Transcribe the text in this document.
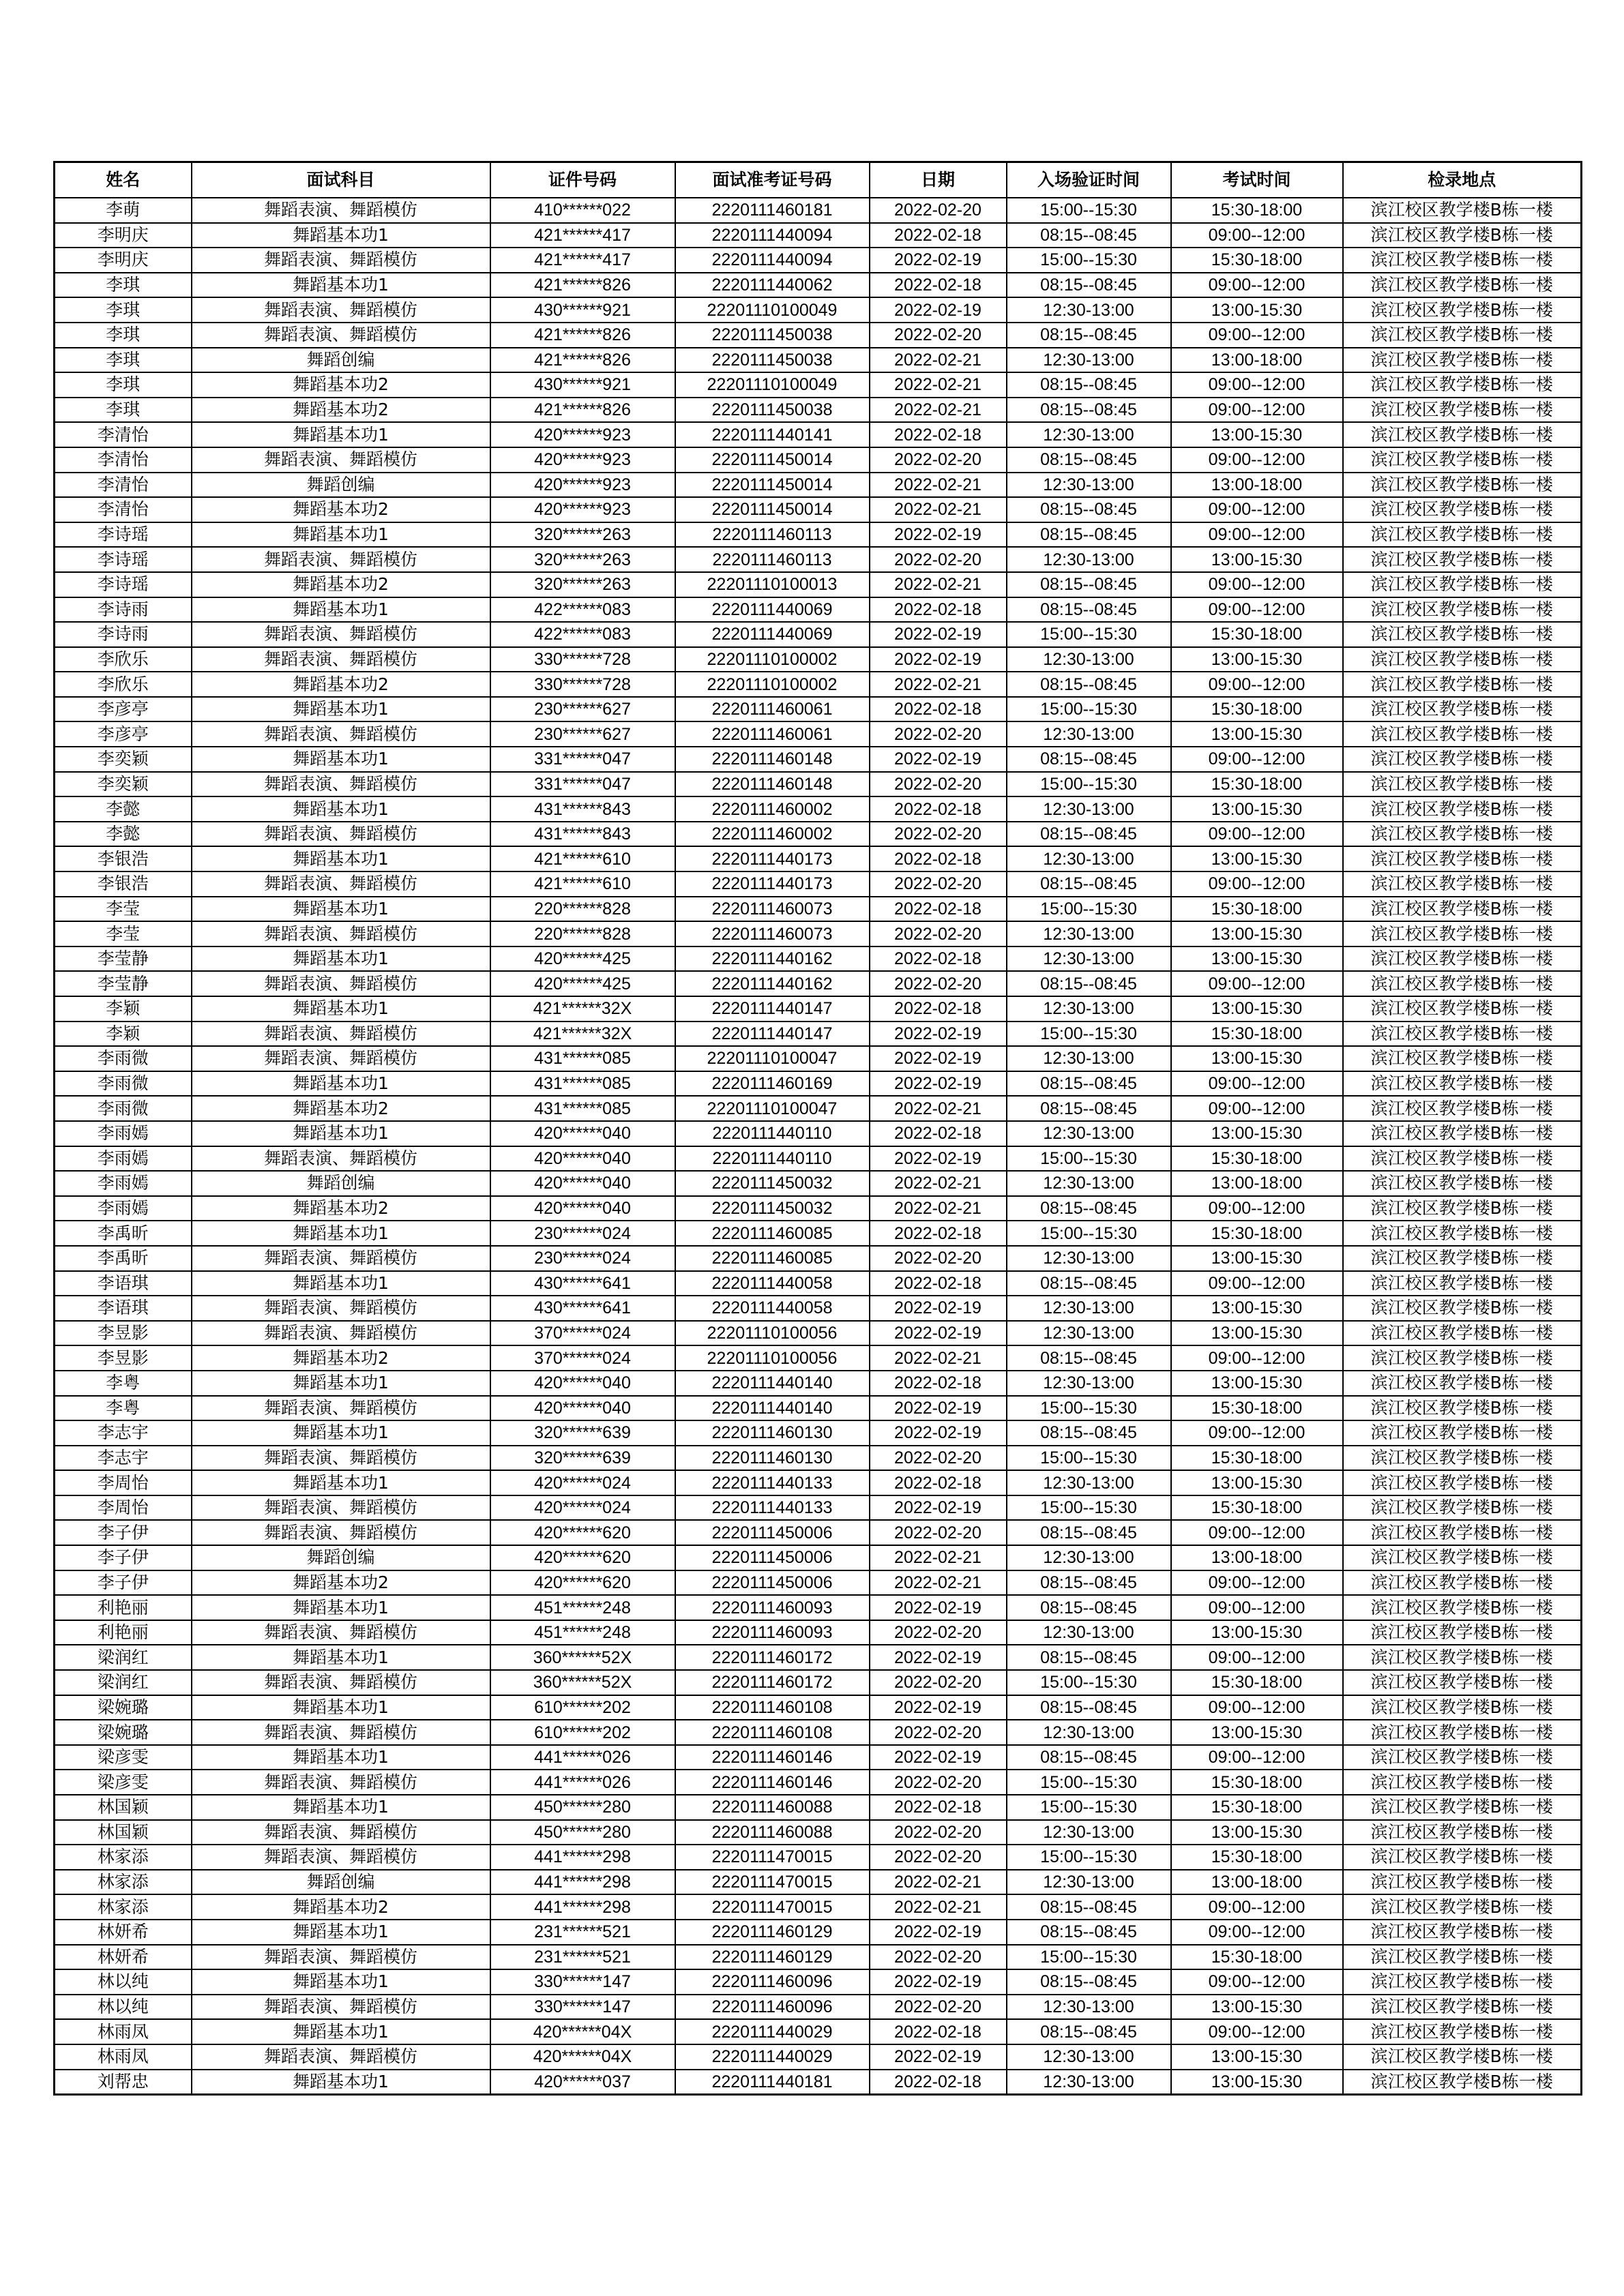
姓名	面试科目	证件号码	面试准考证号码	日期	入场验证时间	考试时间	检录地点
李萌	舞蹈表演、舞蹈模仿	410******022	2220111460181	2022-02-20	15:00--15:30	15:30-18:00	滨江校区教学楼B栋一楼
李明庆	舞蹈基本功1	421******417	2220111440094	2022-02-18	08:15--08:45	09:00--12:00	滨江校区教学楼B栋一楼
李明庆	舞蹈表演、舞蹈模仿	421******417	2220111440094	2022-02-19	15:00--15:30	15:30-18:00	滨江校区教学楼B栋一楼
李琪	舞蹈基本功1	421******826	2220111440062	2022-02-18	08:15--08:45	09:00--12:00	滨江校区教学楼B栋一楼
李琪	舞蹈表演、舞蹈模仿	430******921	22201110100049	2022-02-19	12:30-13:00	13:00-15:30	滨江校区教学楼B栋一楼
李琪	舞蹈表演、舞蹈模仿	421******826	2220111450038	2022-02-20	08:15--08:45	09:00--12:00	滨江校区教学楼B栋一楼
李琪	舞蹈创编	421******826	2220111450038	2022-02-21	12:30-13:00	13:00-18:00	滨江校区教学楼B栋一楼
李琪	舞蹈基本功2	430******921	22201110100049	2022-02-21	08:15--08:45	09:00--12:00	滨江校区教学楼B栋一楼
李琪	舞蹈基本功2	421******826	2220111450038	2022-02-21	08:15--08:45	09:00--12:00	滨江校区教学楼B栋一楼
李清怡	舞蹈基本功1	420******923	2220111440141	2022-02-18	12:30-13:00	13:00-15:30	滨江校区教学楼B栋一楼
李清怡	舞蹈表演、舞蹈模仿	420******923	2220111450014	2022-02-20	08:15--08:45	09:00--12:00	滨江校区教学楼B栋一楼
李清怡	舞蹈创编	420******923	2220111450014	2022-02-21	12:30-13:00	13:00-18:00	滨江校区教学楼B栋一楼
李清怡	舞蹈基本功2	420******923	2220111450014	2022-02-21	08:15--08:45	09:00--12:00	滨江校区教学楼B栋一楼
李诗瑶	舞蹈基本功1	320******263	2220111460113	2022-02-19	08:15--08:45	09:00--12:00	滨江校区教学楼B栋一楼
李诗瑶	舞蹈表演、舞蹈模仿	320******263	2220111460113	2022-02-20	12:30-13:00	13:00-15:30	滨江校区教学楼B栋一楼
李诗瑶	舞蹈基本功2	320******263	22201110100013	2022-02-21	08:15--08:45	09:00--12:00	滨江校区教学楼B栋一楼
李诗雨	舞蹈基本功1	422******083	2220111440069	2022-02-18	08:15--08:45	09:00--12:00	滨江校区教学楼B栋一楼
李诗雨	舞蹈表演、舞蹈模仿	422******083	2220111440069	2022-02-19	15:00--15:30	15:30-18:00	滨江校区教学楼B栋一楼
李欣乐	舞蹈表演、舞蹈模仿	330******728	22201110100002	2022-02-19	12:30-13:00	13:00-15:30	滨江校区教学楼B栋一楼
李欣乐	舞蹈基本功2	330******728	22201110100002	2022-02-21	08:15--08:45	09:00--12:00	滨江校区教学楼B栋一楼
李彦亭	舞蹈基本功1	230******627	2220111460061	2022-02-18	15:00--15:30	15:30-18:00	滨江校区教学楼B栋一楼
李彦亭	舞蹈表演、舞蹈模仿	230******627	2220111460061	2022-02-20	12:30-13:00	13:00-15:30	滨江校区教学楼B栋一楼
李奕颖	舞蹈基本功1	331******047	2220111460148	2022-02-19	08:15--08:45	09:00--12:00	滨江校区教学楼B栋一楼
李奕颖	舞蹈表演、舞蹈模仿	331******047	2220111460148	2022-02-20	15:00--15:30	15:30-18:00	滨江校区教学楼B栋一楼
李懿	舞蹈基本功1	431******843	2220111460002	2022-02-18	12:30-13:00	13:00-15:30	滨江校区教学楼B栋一楼
李懿	舞蹈表演、舞蹈模仿	431******843	2220111460002	2022-02-20	08:15--08:45	09:00--12:00	滨江校区教学楼B栋一楼
李银浩	舞蹈基本功1	421******610	2220111440173	2022-02-18	12:30-13:00	13:00-15:30	滨江校区教学楼B栋一楼
李银浩	舞蹈表演、舞蹈模仿	421******610	2220111440173	2022-02-20	08:15--08:45	09:00--12:00	滨江校区教学楼B栋一楼
李莹	舞蹈基本功1	220******828	2220111460073	2022-02-18	15:00--15:30	15:30-18:00	滨江校区教学楼B栋一楼
李莹	舞蹈表演、舞蹈模仿	220******828	2220111460073	2022-02-20	12:30-13:00	13:00-15:30	滨江校区教学楼B栋一楼
李莹静	舞蹈基本功1	420******425	2220111440162	2022-02-18	12:30-13:00	13:00-15:30	滨江校区教学楼B栋一楼
李莹静	舞蹈表演、舞蹈模仿	420******425	2220111440162	2022-02-20	08:15--08:45	09:00--12:00	滨江校区教学楼B栋一楼
李颖	舞蹈基本功1	421******32X	2220111440147	2022-02-18	12:30-13:00	13:00-15:30	滨江校区教学楼B栋一楼
李颖	舞蹈表演、舞蹈模仿	421******32X	2220111440147	2022-02-19	15:00--15:30	15:30-18:00	滨江校区教学楼B栋一楼
李雨微	舞蹈表演、舞蹈模仿	431******085	22201110100047	2022-02-19	12:30-13:00	13:00-15:30	滨江校区教学楼B栋一楼
李雨微	舞蹈基本功1	431******085	2220111460169	2022-02-19	08:15--08:45	09:00--12:00	滨江校区教学楼B栋一楼
李雨微	舞蹈基本功2	431******085	22201110100047	2022-02-21	08:15--08:45	09:00--12:00	滨江校区教学楼B栋一楼
李雨嫣	舞蹈基本功1	420******040	2220111440110	2022-02-18	12:30-13:00	13:00-15:30	滨江校区教学楼B栋一楼
李雨嫣	舞蹈表演、舞蹈模仿	420******040	2220111440110	2022-02-19	15:00--15:30	15:30-18:00	滨江校区教学楼B栋一楼
李雨嫣	舞蹈创编	420******040	2220111450032	2022-02-21	12:30-13:00	13:00-18:00	滨江校区教学楼B栋一楼
李雨嫣	舞蹈基本功2	420******040	2220111450032	2022-02-21	08:15--08:45	09:00--12:00	滨江校区教学楼B栋一楼
李禹昕	舞蹈基本功1	230******024	2220111460085	2022-02-18	15:00--15:30	15:30-18:00	滨江校区教学楼B栋一楼
李禹昕	舞蹈表演、舞蹈模仿	230******024	2220111460085	2022-02-20	12:30-13:00	13:00-15:30	滨江校区教学楼B栋一楼
李语琪	舞蹈基本功1	430******641	2220111440058	2022-02-18	08:15--08:45	09:00--12:00	滨江校区教学楼B栋一楼
李语琪	舞蹈表演、舞蹈模仿	430******641	2220111440058	2022-02-19	12:30-13:00	13:00-15:30	滨江校区教学楼B栋一楼
李昱影	舞蹈表演、舞蹈模仿	370******024	22201110100056	2022-02-19	12:30-13:00	13:00-15:30	滨江校区教学楼B栋一楼
李昱影	舞蹈基本功2	370******024	22201110100056	2022-02-21	08:15--08:45	09:00--12:00	滨江校区教学楼B栋一楼
李粤	舞蹈基本功1	420******040	2220111440140	2022-02-18	12:30-13:00	13:00-15:30	滨江校区教学楼B栋一楼
李粤	舞蹈表演、舞蹈模仿	420******040	2220111440140	2022-02-19	15:00--15:30	15:30-18:00	滨江校区教学楼B栋一楼
李志宇	舞蹈基本功1	320******639	2220111460130	2022-02-19	08:15--08:45	09:00--12:00	滨江校区教学楼B栋一楼
李志宇	舞蹈表演、舞蹈模仿	320******639	2220111460130	2022-02-20	15:00--15:30	15:30-18:00	滨江校区教学楼B栋一楼
李周怡	舞蹈基本功1	420******024	2220111440133	2022-02-18	12:30-13:00	13:00-15:30	滨江校区教学楼B栋一楼
李周怡	舞蹈表演、舞蹈模仿	420******024	2220111440133	2022-02-19	15:00--15:30	15:30-18:00	滨江校区教学楼B栋一楼
李子伊	舞蹈表演、舞蹈模仿	420******620	2220111450006	2022-02-20	08:15--08:45	09:00--12:00	滨江校区教学楼B栋一楼
李子伊	舞蹈创编	420******620	2220111450006	2022-02-21	12:30-13:00	13:00-18:00	滨江校区教学楼B栋一楼
李子伊	舞蹈基本功2	420******620	2220111450006	2022-02-21	08:15--08:45	09:00--12:00	滨江校区教学楼B栋一楼
利艳丽	舞蹈基本功1	451******248	2220111460093	2022-02-19	08:15--08:45	09:00--12:00	滨江校区教学楼B栋一楼
利艳丽	舞蹈表演、舞蹈模仿	451******248	2220111460093	2022-02-20	12:30-13:00	13:00-15:30	滨江校区教学楼B栋一楼
梁润红	舞蹈基本功1	360******52X	2220111460172	2022-02-19	08:15--08:45	09:00--12:00	滨江校区教学楼B栋一楼
梁润红	舞蹈表演、舞蹈模仿	360******52X	2220111460172	2022-02-20	15:00--15:30	15:30-18:00	滨江校区教学楼B栋一楼
梁婉璐	舞蹈基本功1	610******202	2220111460108	2022-02-19	08:15--08:45	09:00--12:00	滨江校区教学楼B栋一楼
梁婉璐	舞蹈表演、舞蹈模仿	610******202	2220111460108	2022-02-20	12:30-13:00	13:00-15:30	滨江校区教学楼B栋一楼
梁彦雯	舞蹈基本功1	441******026	2220111460146	2022-02-19	08:15--08:45	09:00--12:00	滨江校区教学楼B栋一楼
梁彦雯	舞蹈表演、舞蹈模仿	441******026	2220111460146	2022-02-20	15:00--15:30	15:30-18:00	滨江校区教学楼B栋一楼
林国颖	舞蹈基本功1	450******280	2220111460088	2022-02-18	15:00--15:30	15:30-18:00	滨江校区教学楼B栋一楼
林国颖	舞蹈表演、舞蹈模仿	450******280	2220111460088	2022-02-20	12:30-13:00	13:00-15:30	滨江校区教学楼B栋一楼
林家添	舞蹈表演、舞蹈模仿	441******298	2220111470015	2022-02-20	15:00--15:30	15:30-18:00	滨江校区教学楼B栋一楼
林家添	舞蹈创编	441******298	2220111470015	2022-02-21	12:30-13:00	13:00-18:00	滨江校区教学楼B栋一楼
林家添	舞蹈基本功2	441******298	2220111470015	2022-02-21	08:15--08:45	09:00--12:00	滨江校区教学楼B栋一楼
林妍希	舞蹈基本功1	231******521	2220111460129	2022-02-19	08:15--08:45	09:00--12:00	滨江校区教学楼B栋一楼
林妍希	舞蹈表演、舞蹈模仿	231******521	2220111460129	2022-02-20	15:00--15:30	15:30-18:00	滨江校区教学楼B栋一楼
林以纯	舞蹈基本功1	330******147	2220111460096	2022-02-19	08:15--08:45	09:00--12:00	滨江校区教学楼B栋一楼
林以纯	舞蹈表演、舞蹈模仿	330******147	2220111460096	2022-02-20	12:30-13:00	13:00-15:30	滨江校区教学楼B栋一楼
林雨凤	舞蹈基本功1	420******04X	2220111440029	2022-02-18	08:15--08:45	09:00--12:00	滨江校区教学楼B栋一楼
林雨凤	舞蹈表演、舞蹈模仿	420******04X	2220111440029	2022-02-19	12:30-13:00	13:00-15:30	滨江校区教学楼B栋一楼
刘帮忠	舞蹈基本功1	420******037	2220111440181	2022-02-18	12:30-13:00	13:00-15:30	滨江校区教学楼B栋一楼
